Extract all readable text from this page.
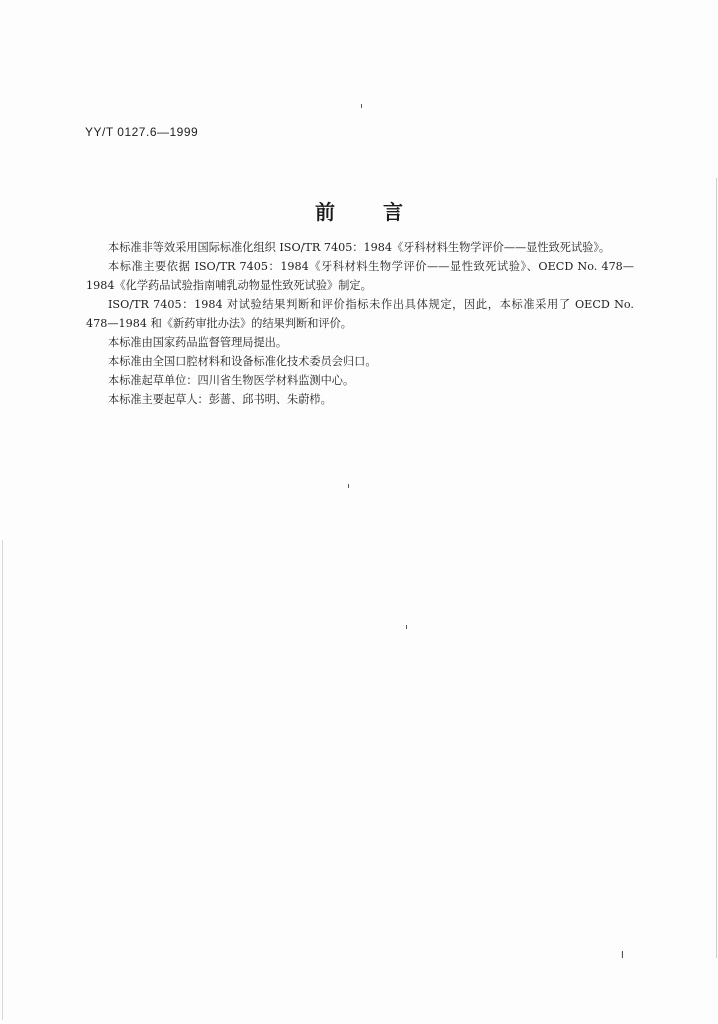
YY/T 0127.6—1999
前 言

本标准非等效采用国际标准化组织 ISO/TR 7405：1984《牙科材料生物学评价——显性致死试验》。

本标准主要依据 ISO/TR 7405：1984《牙科材料生物学评价——显性致死试验》、OECD No. 478—1984《化学药品试验指南哺乳动物显性致死试验》制定。

ISO/TR 7405：1984 对试验结果判断和评价指标未作出具体规定，因此，本标准采用了 OECD No. 478—1984 和《新药审批办法》的结果判断和评价。

本标准由国家药品监督管理局提出。

本标准由全国口腔材料和设备标准化技术委员会归口。

本标准起草单位：四川省生物医学材料监测中心。

本标准主要起草人：彭蔷、邱书明、朱蔚栉。

I
